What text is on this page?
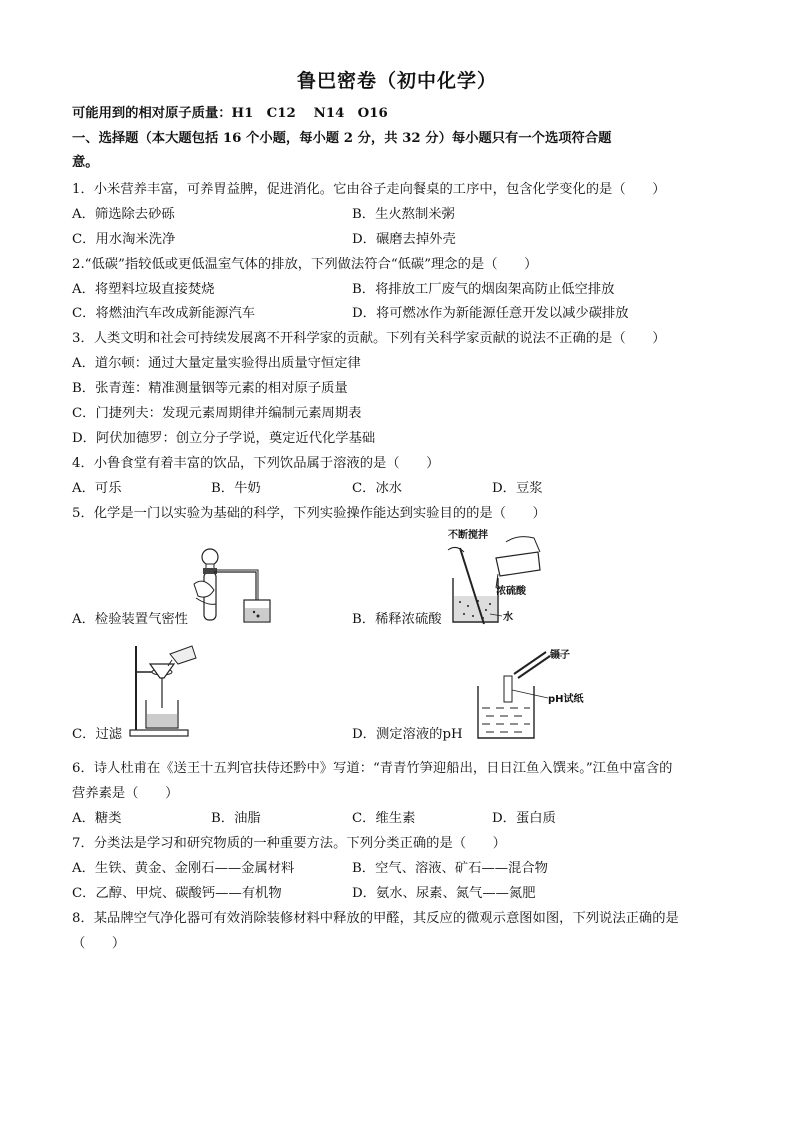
鲁巴密卷（初中化学）
可能用到的相对原子质量：H1　C12　 N14　O16
一、选择题（本大题包括 16 个小题，每小题 2 分，共 32 分）每小题只有一个选项符合题
意。
1．小米营养丰富，可养胃益脾，促进消化。它由谷子走向餐桌的工序中，包含化学变化的是（　　）
A．筛选除去砂砾	B．生火熬制米粥
C．用水淘米洗净	D．碾磨去掉外壳
2.“低碳”指较低或更低温室气体的排放，下列做法符合“低碳”理念的是（　　）
A．将塑料垃圾直接焚烧	B．将排放工厂废气的烟囱架高防止低空排放
C．将燃油汽车改成新能源汽车	D．将可燃冰作为新能源任意开发以减少碳排放
3．人类文明和社会可持续发展离不开科学家的贡献。下列有关科学家贡献的说法不正确的是（　　）
A．道尔顿：通过大量定量实验得出质量守恒定律
B．张青莲：精准测量铟等元素的相对原子质量
C．门捷列夫：发现元素周期律并编制元素周期表
D．阿伏加德罗：创立分子学说，奠定近代化学基础
4．小鲁食堂有着丰富的饮品，下列饮品属于溶液的是（　　）
A．可乐	B．牛奶	C．冰水	D．豆浆
5．化学是一门以实验为基础的科学，下列实验操作能达到实验目的的是（　　）
A．检验装置气密性
不断搅拌
浓硫酸
水
B．稀释浓硫酸
C．过滤
镊子
pH试纸
D．测定溶液的pH
6．诗人杜甫在《送王十五判官扶侍还黔中》写道：“青青竹笋迎船出，日日江鱼入馔来。”江鱼中富含的
营养素是（　　）
A．糖类	B．油脂	C．维生素	D．蛋白质
7．分类法是学习和研究物质的一种重要方法。下列分类正确的是（　　）
A．生铁、黄金、金刚石——金属材料	B．空气、溶液、矿石——混合物
C．乙醇、甲烷、碳酸钙——有机物	D．氨水、尿素、氮气——氮肥
8．某品牌空气净化器可有效消除装修材料中释放的甲醛，其反应的微观示意图如图，下列说法正确的是
（　　）
